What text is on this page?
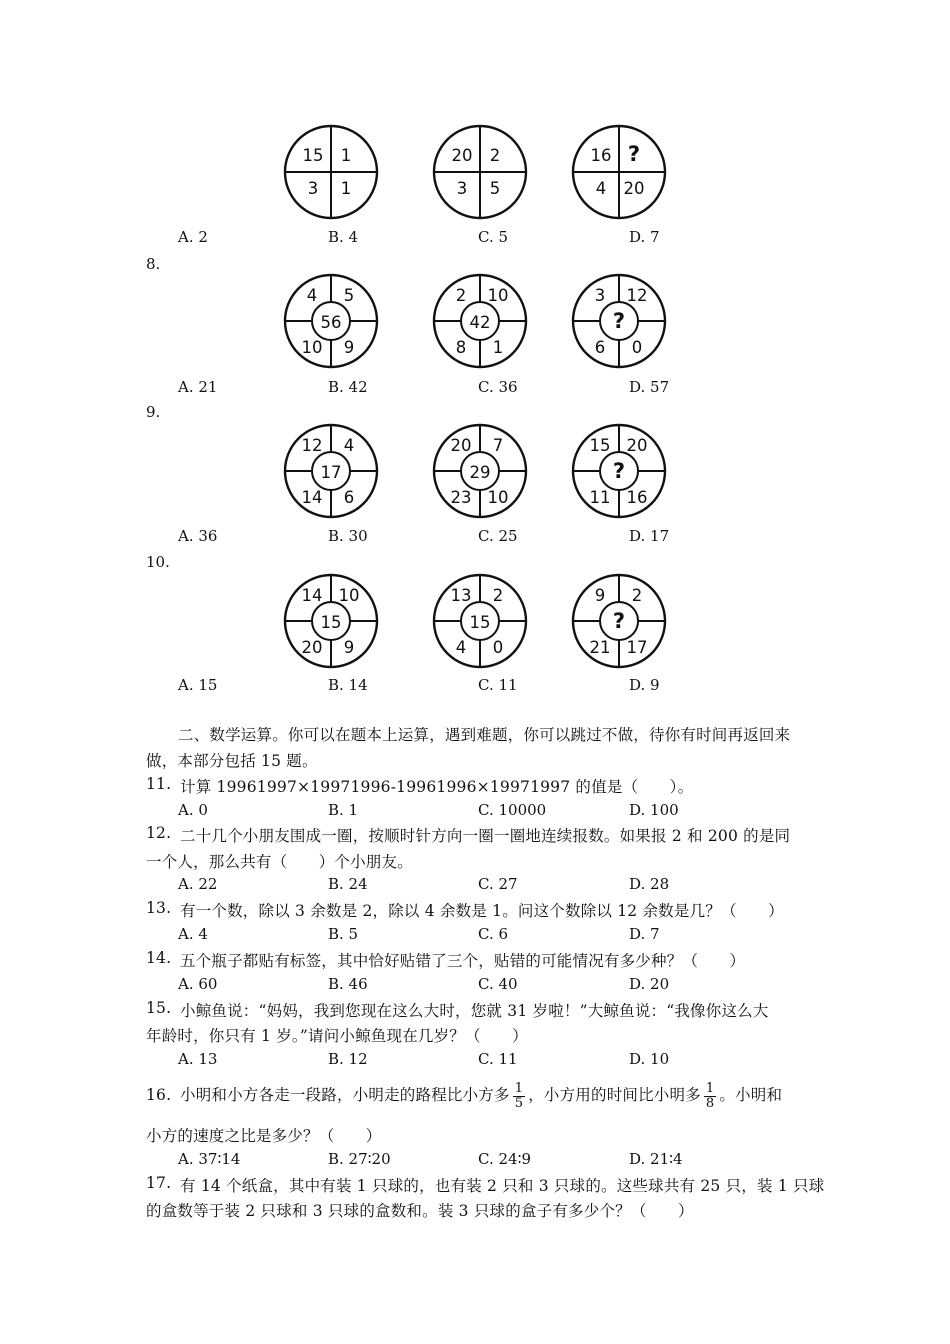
15 1
3 1
20 2
3 5
16 ?
4 20
A. 2	B. 4	C. 5	D. 7
8.
4 5
10 9
56
2 10
8 1
42
3 12
6 0
?
A. 21	B. 42	C. 36	D. 57
9.
12 4
14 6
17
20 7
23 10
29
15 20
11 16
?
A. 36	B. 30	C. 25	D. 17
10.
14 10
20 9
15
13 2
4 0
15
9 2
21 17
?
A. 15	B. 14	C. 11	D. 9
二、数学运算。你可以在题本上运算，遇到难题，你可以跳过不做，待你有时间再返回来
做，本部分包括 15 题。
11. 计算 19961997×19971996-19961996×19971997 的值是（　　）。
A. 0	B. 1	C. 10000	D. 100
12. 二十几个小朋友围成一圈，按顺时针方向一圈一圈地连续报数。如果报 2 和 200 的是同
一个人，那么共有（　　）个小朋友。
A. 22	B. 24	C. 27	D. 28
13. 有一个数，除以 3 余数是 2，除以 4 余数是 1。问这个数除以 12 余数是几？（　　）
A. 4	B. 5	C. 6	D. 7
14. 五个瓶子都贴有标签，其中恰好贴错了三个，贴错的可能情况有多少种？（　　）
A. 60	B. 46	C. 40	D. 20
15. 小鲸鱼说：“妈妈，我到您现在这么大时，您就 31 岁啦！”大鲸鱼说：“我像你这么大
年龄时，你只有 1 岁。”请问小鲸鱼现在几岁？（　　）
A. 13	B. 12	C. 11	D. 10
16. 小明和小方各走一段路，小明走的路程比小方多 $\frac{1}{5}$ ，小方用的时间比小明多 $\frac{1}{8}$ 。小明和
小方的速度之比是多少？（　　）
A. 37∶14	B. 27∶20	C. 24∶9	D. 21∶4
17. 有 14 个纸盒，其中有装 1 只球的，也有装 2 只和 3 只球的。这些球共有 25 只，装 1 只球
的盒数等于装 2 只球和 3 只球的盒数和。装 3 只球的盒子有多少个？（　　）
